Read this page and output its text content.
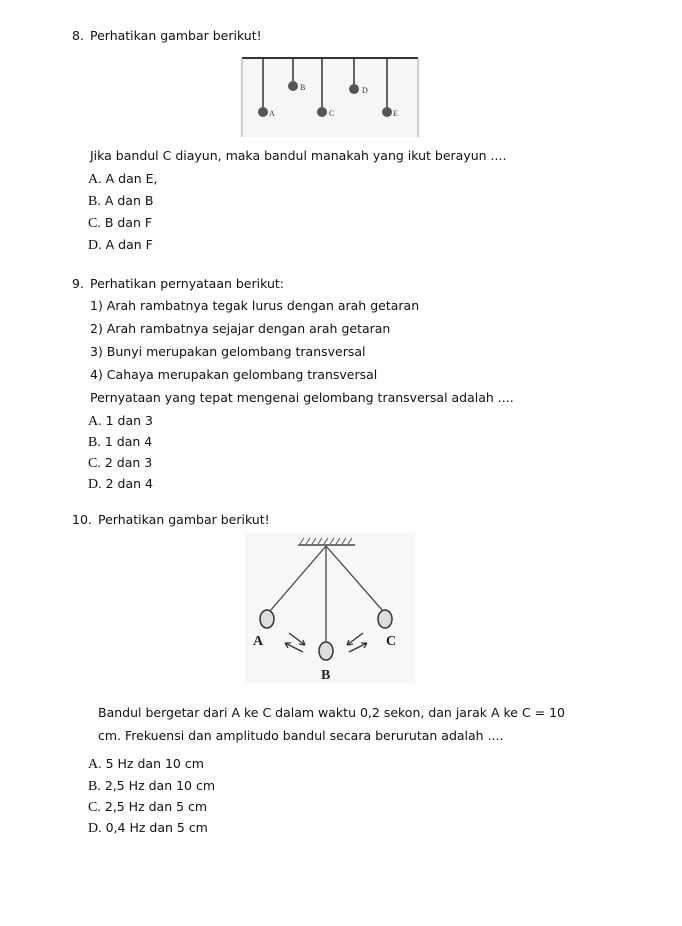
8. Perhatikan gambar berikut!
A
B
C
D
E
Jika bandul C diayun, maka bandul manakah yang ikut berayun ....
A. A dan E,
B. A dan B
C. B dan F
D. A dan F
9. Perhatikan pernyataan berikut:
1) Arah rambatnya tegak lurus dengan arah getaran
2) Arah rambatnya sejajar dengan arah getaran
3) Bunyi merupakan gelombang transversal
4) Cahaya merupakan gelombang transversal
Pernyataan yang tepat mengenai gelombang transversal adalah ....
A. 1 dan 3
B. 1 dan 4
C. 2 dan 3
D. 2 dan 4
10. Perhatikan gambar berikut!
A
B
C
Bandul bergetar dari A ke C dalam waktu 0,2 sekon, dan jarak A ke C = 10
cm. Frekuensi dan amplitudo bandul secara berurutan adalah ....
A. 5 Hz dan 10 cm
B. 2,5 Hz dan 10 cm
C. 2,5 Hz dan 5 cm
D. 0,4 Hz dan 5 cm
